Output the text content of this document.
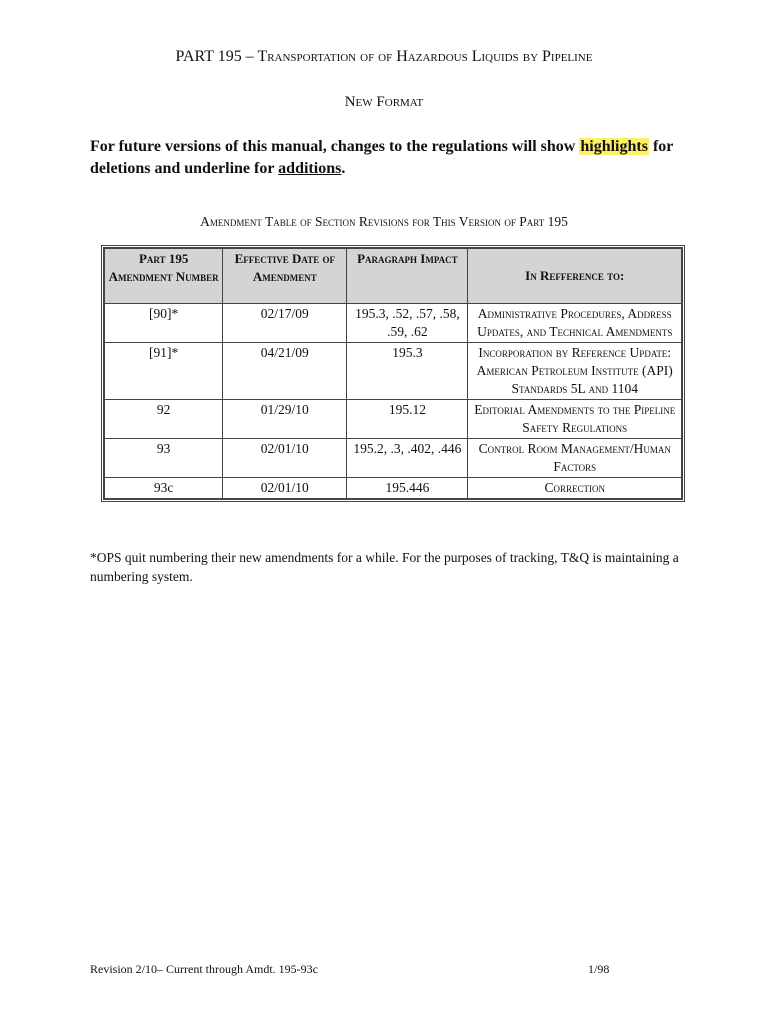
PART 195 – Transportation of of Hazardous Liquids by Pipeline
New Format
For future versions of this manual, changes to the regulations will show highlights for deletions and underline for additions.
Amendment Table of Section Revisions for This Version of Part 195
Part 195 Amendment Number	Effective Date of Amendment	Paragraph Impact	In Refference to:
[90]*	02/17/09	195.3, .52, .57, .58, .59, .62	Administrative Procedures, Address Updates, and Technical Amendments
[91]*	04/21/09	195.3	Incorporation by Reference Update: American Petroleum Institute (API) Standards 5L and 1104
92	01/29/10	195.12	Editorial Amendments to the Pipeline Safety Regulations
93	02/01/10	195.2, .3, .402, .446	Control Room Management/Human Factors
93c	02/01/10	195.446	Correction
*OPS quit numbering their new amendments for a while. For the purposes of tracking, T&Q is maintaining a numbering system.
Revision 2/10– Current through Amdt. 195-93c	1/98
